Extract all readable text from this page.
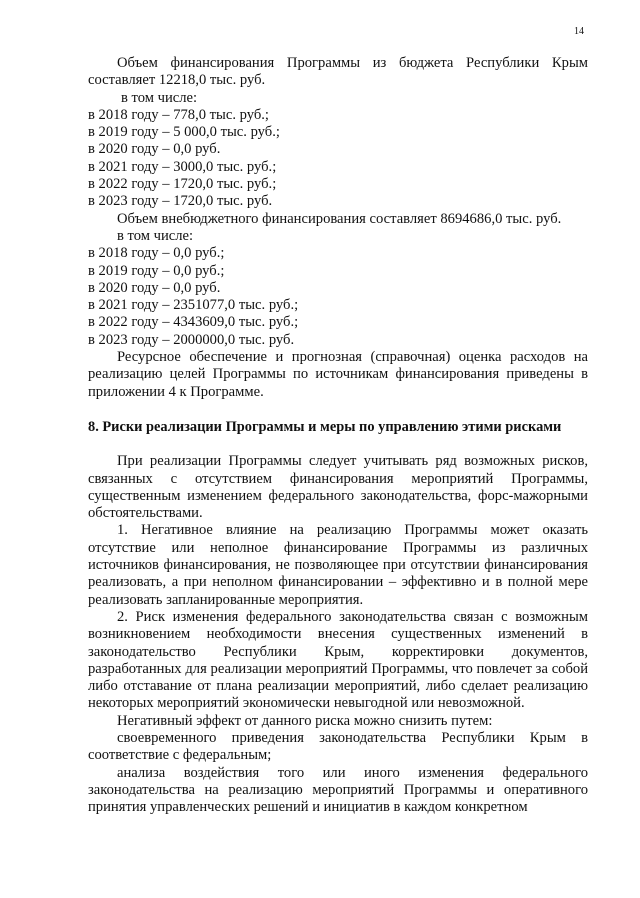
14

Объем финансирования Программы из бюджета Республики Крым составляет 12218,0 тыс. руб.

в том числе:

в 2018 году – 778,0 тыс. руб.;

в 2019 году – 5 000,0 тыс. руб.;

в 2020 году – 0,0 руб.

в 2021 году – 3000,0 тыс. руб.;

в 2022 году – 1720,0 тыс. руб.;

в 2023 году – 1720,0 тыс. руб.

Объем внебюджетного финансирования составляет 8694686,0 тыс. руб.

в том числе:

в 2018 году – 0,0 руб.;

в 2019 году – 0,0 руб.;

в 2020 году – 0,0 руб.

в 2021 году – 2351077,0 тыс. руб.;

в 2022 году – 4343609,0 тыс. руб.;

в 2023 году – 2000000,0 тыс. руб.

Ресурсное обеспечение и прогнозная (справочная) оценка расходов на реализацию целей Программы по источникам финансирования приведены в приложении 4 к Программе.

8. Риски реализации Программы и меры по управлению этими рисками

При реализации Программы следует учитывать ряд возможных рисков, связанных с отсутствием финансирования мероприятий Программы, существенным изменением федерального законодательства, форс-мажорными обстоятельствами.

1. Негативное влияние на реализацию Программы может оказать отсутствие или неполное финансирование Программы из различных источников финансирования, не позволяющее при отсутствии финансирования реализовать, а при неполном финансировании – эффективно и в полной мере реализовать запланированные мероприятия.

2. Риск изменения федерального законодательства связан с возможным возникновением необходимости внесения существенных изменений в законодательство Республики Крым, корректировки документов, разработанных для реализации мероприятий Программы, что повлечет за собой либо отставание от плана реализации мероприятий, либо сделает реализацию некоторых мероприятий экономически невыгодной или невозможной.

Негативный эффект от данного риска можно снизить путем:

своевременного приведения законодательства Республики Крым в соответствие с федеральным;

анализа воздействия того или иного изменения федерального законодательства на реализацию мероприятий Программы и оперативного принятия управленческих решений и инициатив в каждом конкретном
